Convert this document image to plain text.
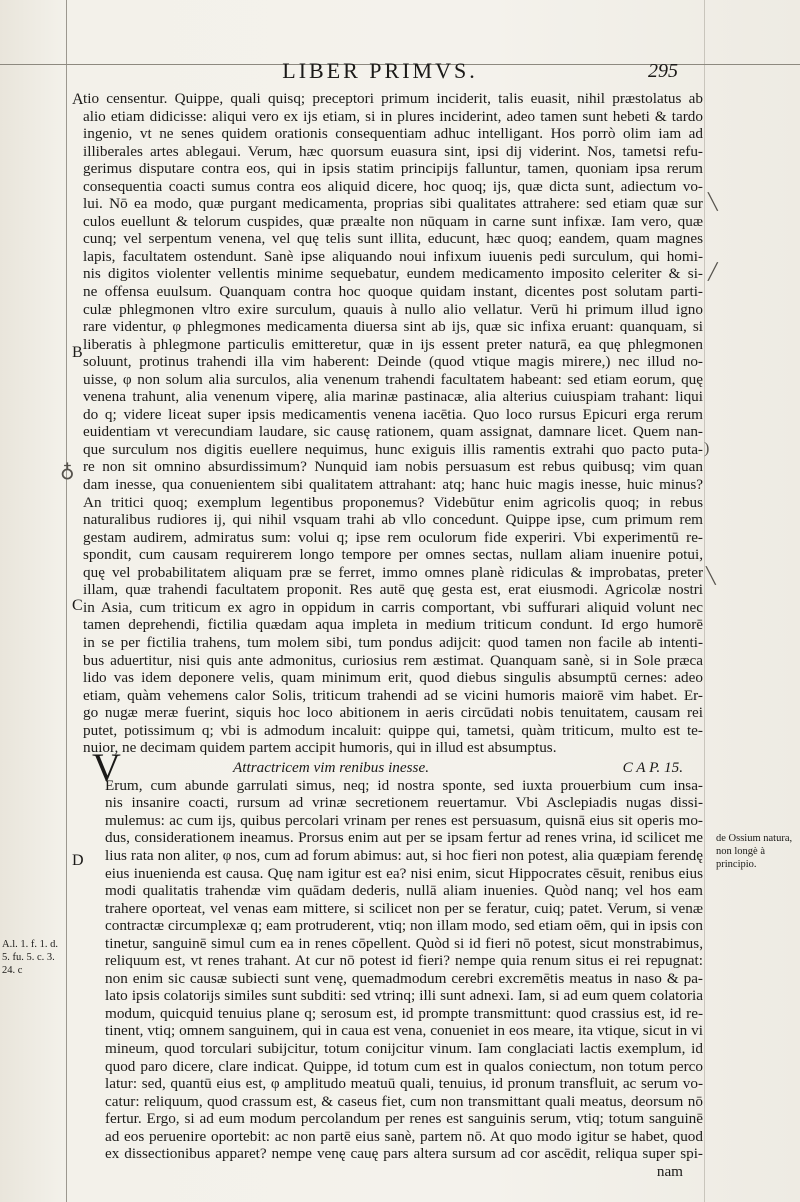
LIBER PRIMVS.	295
A
B
C
D
╲
╱
)
╲
♁
tio censentur. Quippe, quali quisq; preceptori primum inciderit, talis euasit, nihil præstolatus ab
alio etiam didicisse: aliqui vero ex ijs etiam, si in plures inciderint, adeo tamen sunt hebeti & tardo
ingenio, vt ne senes quidem orationis consequentiam adhuc intelligant. Hos porrò olim iam ad
illiberales artes ablegaui. Verum, hæc quorsum euasura sint, ipsi dij viderint. Nos, tametsi refu-
gerimus disputare contra eos, qui in ipsis statim principijs falluntur, tamen, quoniam ipsa rerum
consequentia coacti sumus contra eos aliquid dicere, hoc quoq; ijs, quæ dicta sunt, adiectum vo-
lui. Nō ea modo, quæ purgant medicamenta, proprias sibi qualitates attrahere: sed etiam quæ sur
culos euellunt & telorum cuspides, quæ præalte non nūquam in carne sunt infixæ. Iam vero, quæ
cunq; vel serpentum venena, vel quę telis sunt illita, educunt, hæc quoq; eandem, quam magnes
lapis, facultatem ostendunt. Sanè ipse aliquando noui infixum iuuenis pedi surculum, qui homi-
nis digitos violenter vellentis minime sequebatur, eundem medicamento imposito celeriter & si-
ne offensa euulsum. Quanquam contra hoc quoque quidam instant, dicentes post solutam parti-
culæ phlegmonen vltro exire surculum, quauis à nullo alio vellatur. Verū hi primum illud igno
rare videntur, φ phlegmones medicamenta diuersa sint ab ijs, quæ sic infixa eruant: quanquam, si
liberatis à phlegmone particulis emitteretur, quæ in ijs essent preter naturā, ea quę phlegmonen
soluunt, protinus trahendi illa vim haberent: Deinde (quod vtique magis mirere,) nec illud no-
uisse, φ non solum alia surculos, alia venenum trahendi facultatem habeant: sed etiam eorum, quę
venena trahunt, alia venenum viperę, alia marinæ pastinacæ, alia alterius cuiuspiam trahant: liqui
do q; videre liceat super ipsis medicamentis venena iacētia. Quo loco rursus Epicuri erga rerum
euidentiam vt verecundiam laudare, sic causę rationem, quam assignat, damnare licet. Quem nan-
que surculum nos digitis euellere nequimus, hunc exiguis illis ramentis extrahi quo pacto puta-
re non sit omnino absurdissimum? Nunquid iam nobis persuasum est rebus quibusq; vim quan
dam inesse, qua conuenientem sibi qualitatem attrahant: atq; hanc huic magis inesse, huic minus?
An tritici quoq; exemplum legentibus proponemus? Videbūtur enim agricolis quoq; in rebus
naturalibus rudiores ij, qui nihil vsquam trahi ab vllo concedunt. Quippe ipse, cum primum rem
gestam audirem, admiratus sum: volui q; ipse rem oculorum fide experiri. Vbi experimentū re-
spondit, cum causam requirerem longo tempore per omnes sectas, nullam aliam inuenire potui,
quę vel probabilitatem aliquam præ se ferret, immo omnes planè ridiculas & improbatas, preter
illam, quæ trahendi facultatem proponit. Res autē quę gesta est, erat eiusmodi. Agricolæ nostri
in Asia, cum triticum ex agro in oppidum in carris comportant, vbi suffurari aliquid volunt nec
tamen deprehendi, fictilia quædam aqua impleta in medium triticum condunt. Id ergo humorē
in se per fictilia trahens, tum molem sibi, tum pondus adijcit: quod tamen non facile ab intenti-
bus aduertitur, nisi quis ante admonitus, curiosius rem æstimat. Quanquam sanè, si in Sole præca
lido vas idem deponere velis, quam minimum erit, quod diebus singulis absumptū cernes: adeo
etiam, quàm vehemens calor Solis, triticum trahendi ad se vicini humoris maiorē vim habet. Er-
go nugæ meræ fuerint, siquis hoc loco abitionem in aeris circūdati nobis tenuitatem, causam rei
putet, potissimum q; vbi is admodum incaluit: quippe qui, tametsi, quàm triticum, multo est te-
nuior, ne decimam quidem partem accipit humoris, qui in illud est absumptus.
Attractricem vim renibus inesse.	C A P. 15.
Erum, cum abunde garrulati simus, neq; id nostra sponte, sed iuxta prouerbium cum insa-
nis insanire coacti, rursum ad vrinæ secretionem reuertamur. Vbi Asclepiadis nugas dissi-
mulemus: ac cum ijs, quibus percolari vrinam per renes est persuasum, quisnā eius sit operis mo-
dus, considerationem ineamus. Prorsus enim aut per se ipsam fertur ad renes vrina, id scilicet me
lius rata non aliter, φ nos, cum ad forum abimus: aut, si hoc fieri non potest, alia quæpiam ferendę
eius inuenienda est causa. Quę nam igitur est ea? nisi enim, sicut Hippocrates cēsuit, renibus eius
modi qualitatis trahendæ vim quādam dederis, nullā aliam inuenies. Quòd nanq; vel hos eam
trahere oporteat, vel venas eam mittere, si scilicet non per se feratur, cuiq; patet. Verum, si venæ
contractæ circumplexæ q; eam protruderent, vtiq; non illam modo, sed etiam oēm, qui in ipsis con
tinetur, sanguinē simul cum ea in renes cōpellent. Quòd si id fieri nō potest, sicut monstrabimus,
reliquum est, vt renes trahant. At cur nō potest id fieri? nempe quia renum situs ei rei repugnat:
non enim sic causæ subiecti sunt venę, quemadmodum cerebri excremētis meatus in naso & pa-
lato ipsis colatorijs similes sunt subditi: sed vtrinq; illi sunt adnexi. Iam, si ad eum quem colatoria
modum, quicquid tenuius plane q; serosum est, id prompte transmittunt: quod crassius est, id re-
tinent, vtiq; omnem sanguinem, qui in caua est vena, conueniet in eos meare, ita vtique, sicut in vi
mineum, quod torculari subijcitur, totum conijcitur vinum. Iam conglaciati lactis exemplum, id
quod paro dicere, clare indicat. Quippe, id totum cum est in qualos coniectum, non totum perco
latur: sed, quantū eius est, φ amplitudo meatuū quali, tenuius, id pronum transfluit, ac serum vo-
catur: reliquum, quod crassum est, & caseus fiet, cum non transmittant quali meatus, deorsum nō
fertur. Ergo, si ad eum modum percolandum per renes est sanguinis serum, vtiq; totum sanguinē
ad eos peruenire oportebit: ac non partē eius sanè, partem nō. At quo modo igitur se habet, quod
ex dissectionibus apparet? nempe venę cauę pars altera sursum ad cor ascēdit, reliqua super spi-
nam
V
de Ossium natura, non longè à principio.
A.l. 1. f. 1. d. 5. fu. 5. c. 3. 24. c
